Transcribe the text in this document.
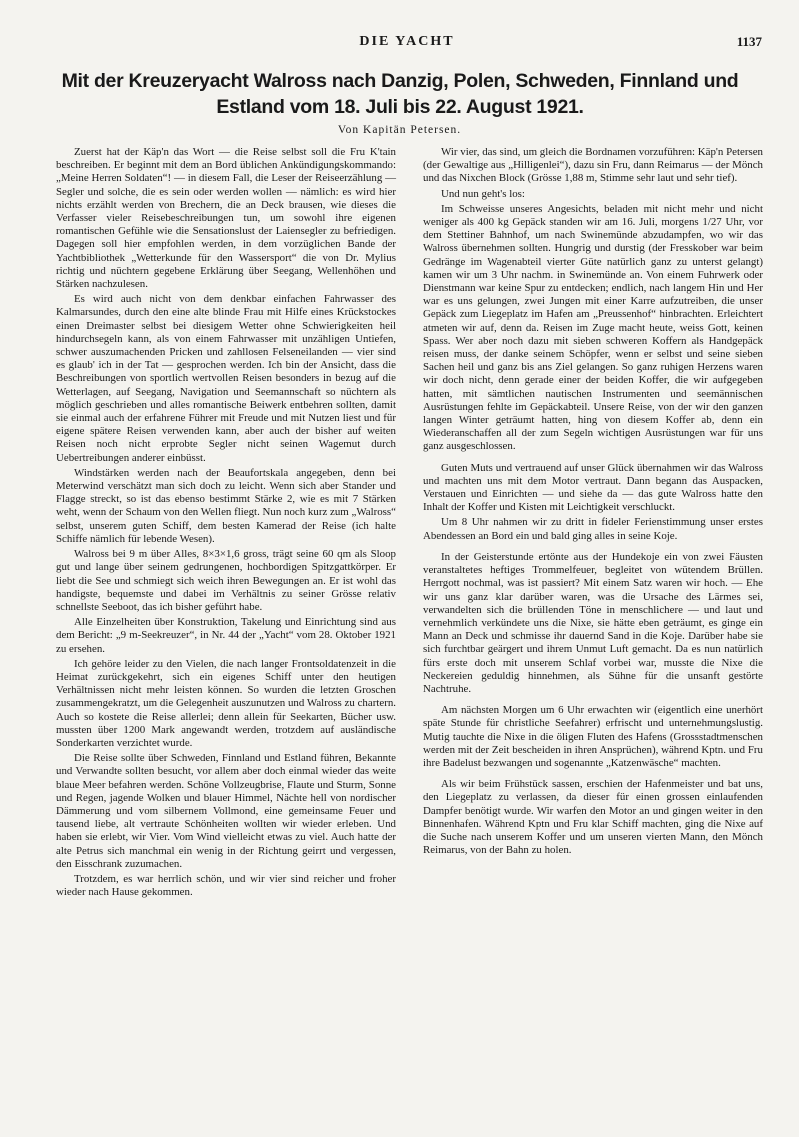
DIE YACHT	1137
Mit der Kreuzeryacht Walross nach Danzig, Polen, Schweden, Finnland und Estland vom 18. Juli bis 22. August 1921.
Von Kapitän Petersen.

Zuerst hat der Käp'n das Wort — die Reise selbst soll die Fru K'tain beschreiben. Er beginnt mit dem an Bord üblichen Ankündigungskommando: „Meine Herren Soldaten“! — in diesem Fall, die Leser der Reiseerzählung — Segler und solche, die es sein oder werden wollen — nämlich: es wird hier nichts erzählt werden von Brechern, die an Deck brausen, wie dieses die Verfasser vieler Reisebeschreibungen tun, um sowohl ihre eigenen romantischen Gefühle wie die Sensationslust der Laiensegler zu befriedigen. Dagegen soll hier empfohlen werden, in dem vorzüglichen Bande der Yachtbibliothek „Wetterkunde für den Wassersport“ die von Dr. Mylius richtig und nüchtern gegebene Erklärung über Seegang, Wellenhöhen und Stärken nachzulesen.

Es wird auch nicht von dem denkbar einfachen Fahrwasser des Kalmarsundes, durch den eine alte blinde Frau mit Hilfe eines Krückstockes einen Dreimaster selbst bei diesigem Wetter ohne Schwierigkeiten heil hindurchsegeln kann, als von einem Fahrwasser mit unzähligen Untiefen, schwer auszumachenden Pricken und zahllosen Felseneilanden — vier sind es glaub' ich in der Tat — gesprochen werden. Ich bin der Ansicht, dass die Beschreibungen von sportlich wertvollen Reisen besonders in bezug auf die Wetterlagen, auf Seegang, Navigation und Seemannschaft so nüchtern als möglich geschrieben und alles romantische Beiwerk entbehren sollten, damit sie einmal auch der erfahrene Führer mit Freude und mit Nutzen liest und für eigene spätere Reisen verwenden kann, aber auch der bisher auf weiten Reisen noch nicht erprobte Segler nicht seinen Wagemut durch Uebertreibungen anderer einbüsst.

Windstärken werden nach der Beaufortskala angegeben, denn bei Meterwind verschätzt man sich doch zu leicht. Wenn sich aber Stander und Flagge streckt, so ist das ebenso bestimmt Stärke 2, wie es mit 7 Stärken weht, wenn der Schaum von den Wellen fliegt. Nun noch kurz zum „Walross“ selbst, unserem guten Schiff, dem besten Kamerad der Reise (ich halte Schiffe nämlich für lebende Wesen).

Walross bei 9 m über Alles, 8×3×1,6 gross, trägt seine 60 qm als Sloop gut und lange über seinem gedrungenen, hochbordigen Spitzgattkörper. Er liebt die See und schmiegt sich weich ihren Bewegungen an. Er ist wohl das handigste, bequemste und dabei im Verhältnis zu seiner Grösse relativ schnellste Seeboot, das ich bisher geführt habe.

Alle Einzelheiten über Konstruktion, Takelung und Einrichtung sind aus dem Bericht: „9 m-Seekreuzer“, in Nr. 44 der „Yacht“ vom 28. Oktober 1921 zu ersehen.

Ich gehöre leider zu den Vielen, die nach langer Frontsoldatenzeit in die Heimat zurückgekehrt, sich ein eigenes Schiff unter den heutigen Verhältnissen nicht mehr leisten können. So wurden die letzten Groschen zusammengekratzt, um die Gelegenheit auszunutzen und Walross zu chartern. Auch so kostete die Reise allerlei; denn allein für Seekarten, Bücher usw. mussten über 1200 Mark angewandt werden, trotzdem auf ausländische Sonderkarten verzichtet wurde.

Die Reise sollte über Schweden, Finnland und Estland führen, Bekannte und Verwandte sollten besucht, vor allem aber doch einmal wieder das weite blaue Meer befahren werden. Schöne Vollzeugbrise, Flaute und Sturm, Sonne und Regen, jagende Wolken und blauer Himmel, Nächte hell von nordischer Dämmerung und vom silbernem Vollmond, eine gemeinsame Feuer und tausend liebe, alt vertraute Schönheiten wollten wir wieder erleben. Und haben sie erlebt, wir Vier. Vom Wind vielleicht etwas zu viel. Auch hatte der alte Petrus sich manchmal ein wenig in der Richtung geirrt und vergessen, den Eisschrank zuzumachen.

Trotzdem, es war herrlich schön, und wir vier sind reicher und froher wieder nach Hause gekommen.

Wir vier, das sind, um gleich die Bordnamen vorzuführen: Käp'n Petersen (der Gewaltige aus „Hilligenlei“), dazu sin Fru, dann Reimarus — der Mönch und das Nixchen Block (Grösse 1,88 m, Stimme sehr laut und sehr tief).

Und nun geht's los:

Im Schweisse unseres Angesichts, beladen mit nicht mehr und nicht weniger als 400 kg Gepäck standen wir am 16. Juli, morgens 1/27 Uhr, vor dem Stettiner Bahnhof, um nach Swinemünde abzudampfen, wo wir das Walross übernehmen sollten. Hungrig und durstig (der Fresskober war beim Gedränge im Wagenabteil vierter Güte natürlich ganz zu unterst gelangt) kamen wir um 3 Uhr nachm. in Swinemünde an. Von einem Fuhrwerk oder Dienstmann war keine Spur zu entdecken; endlich, nach langem Hin und Her war es uns gelungen, zwei Jungen mit einer Karre aufzutreiben, die unser Gepäck zum Liegeplatz im Hafen am „Preussenhof“ hinbrachten. Erleichtert atmeten wir auf, denn da. Reisen im Zuge macht heute, weiss Gott, keinen Spass. Wer aber noch dazu mit sieben schweren Koffern als Handgepäck reisen muss, der danke seinem Schöpfer, wenn er selbst und seine sieben Sachen heil und ganz bis ans Ziel gelangen. So ganz ruhigen Herzens waren wir doch nicht, denn gerade einer der beiden Koffer, die wir aufgegeben hatten, mit sämtlichen nautischen Instrumenten und seemännischen Ausrüstungen fehlte im Gepäckabteil. Unsere Reise, von der wir den ganzen langen Winter geträumt hatten, hing von diesem Koffer ab, denn ein Wiederanschaffen all der zum Segeln wichtigen Ausrüstungen war für uns ganz ausgeschlossen.

Guten Muts und vertrauend auf unser Glück übernahmen wir das Walross und machten uns mit dem Motor vertraut. Dann begann das Auspacken, Verstauen und Einrichten — und siehe da — das gute Walross hatte den Inhalt der Koffer und Kisten mit Leichtigkeit verschluckt.

Um 8 Uhr nahmen wir zu dritt in fideler Ferienstimmung unser erstes Abendessen an Bord ein und bald ging alles in seine Koje.

In der Geisterstunde ertönte aus der Hundekoje ein von zwei Fäusten veranstaltetes heftiges Trommelfeuer, begleitet von wütendem Brüllen. Herrgott nochmal, was ist passiert? Mit einem Satz waren wir hoch. — Ehe wir uns ganz klar darüber waren, was die Ursache des Lärmes sei, verwandelten sich die brüllenden Töne in menschlichere — und laut und vernehmlich verkündete uns die Nixe, sie hätte eben geträumt, es ginge ein Mann an Deck und schmisse ihr dauernd Sand in die Koje. Darüber habe sie sich furchtbar geärgert und ihrem Unmut Luft gemacht. Da es nun natürlich fürs erste doch mit unserem Schlaf vorbei war, musste die Nixe die Neckereien geduldig hinnehmen, als Sühne für die unsanft gestörte Nachtruhe.

Am nächsten Morgen um 6 Uhr erwachten wir (eigentlich eine unerhört späte Stunde für christliche Seefahrer) erfrischt und unternehmungslustig. Mutig tauchte die Nixe in die öligen Fluten des Hafens (Grossstadtmenschen werden mit der Zeit bescheiden in ihren Ansprüchen), während Kptn. und Fru ihre Badelust bezwangen und sogenannte „Katzenwäsche“ machten.

Als wir beim Frühstück sassen, erschien der Hafenmeister und bat uns, den Liegeplatz zu verlassen, da dieser für einen grossen einlaufenden Dampfer benötigt wurde. Wir warfen den Motor an und gingen weiter in den Binnenhafen. Während Kptn und Fru klar Schiff machten, ging die Nixe auf die Suche nach unserem Koffer und um unseren vierten Mann, den Mönch Reimarus, von der Bahn zu holen.
